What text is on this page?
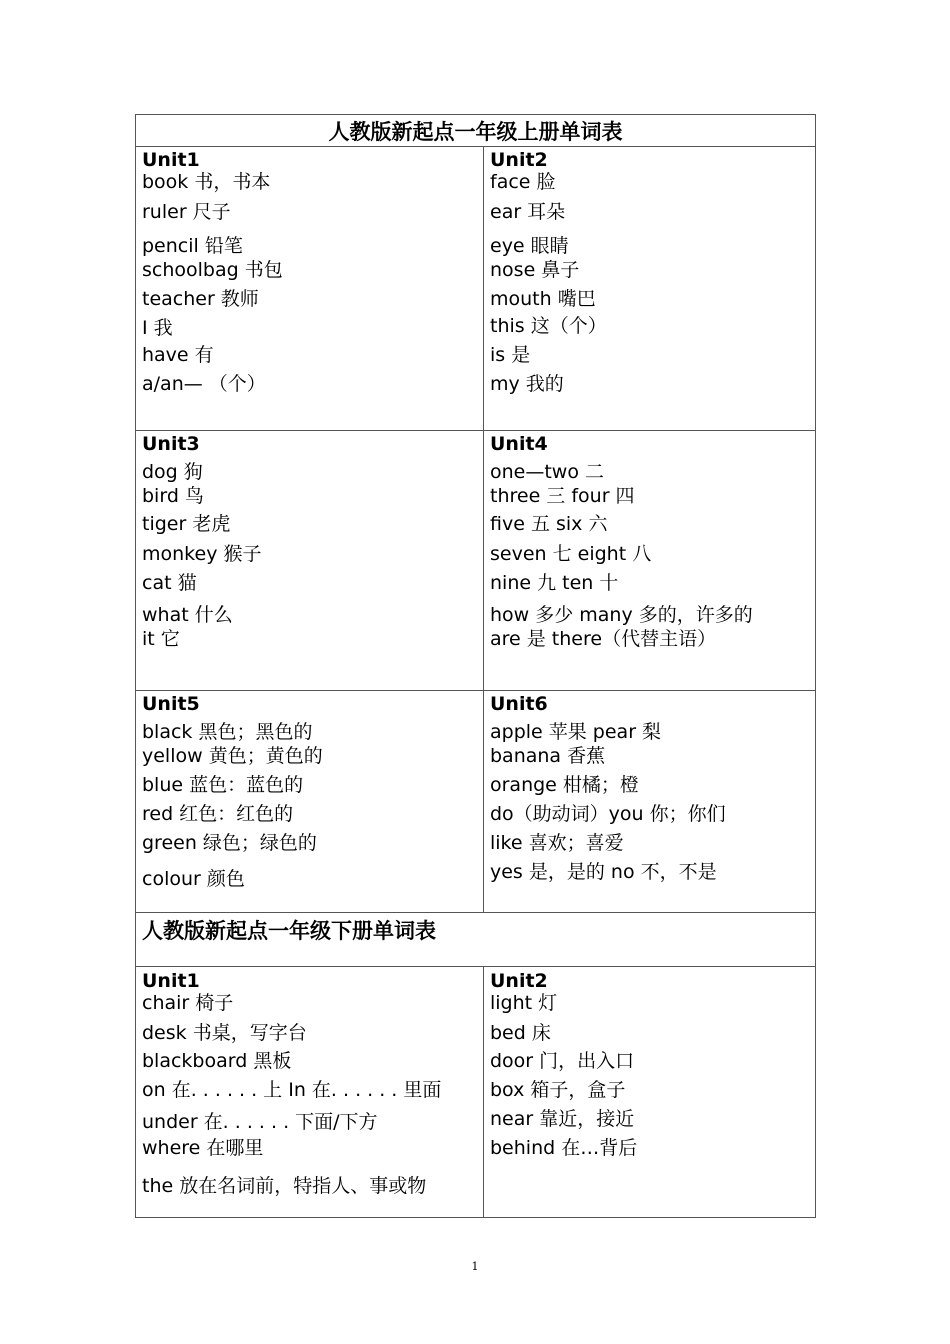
人教版新起点一年级上册单词表
Unit1
book 书，书本
ruler 尺子
pencil 铅笔
schoolbag 书包
teacher 教师
I 我
have 有
a/an— （个）
Unit2
face 脸
ear 耳朵
eye 眼睛
nose 鼻子
mouth 嘴巴
this 这（个）
is 是
my 我的
Unit3
dog 狗
bird 鸟
tiger 老虎
monkey 猴子
cat 猫
what 什么
it 它
Unit4
one—two 二
three 三 four 四
five 五 six 六
seven 七 eight 八
nine 九 ten 十
how 多少 many 多的，许多的
are 是 there（代替主语）
Unit5
black 黑色；黑色的
yellow 黄色；黄色的
blue 蓝色：蓝色的
red 红色：红色的
green 绿色；绿色的
colour 颜色
Unit6
apple 苹果 pear 梨
banana 香蕉
orange 柑橘；橙
do（助动词）you 你；你们
like 喜欢；喜爱
yes 是，是的 no 不，不是
人教版新起点一年级下册单词表
Unit1
chair 椅子
desk 书桌，写字台
blackboard 黑板
on 在. . . . . . 上 In 在. . . . . . 里面
under 在. . . . . . 下面/下方
where 在哪里
the 放在名词前，特指人、事或物
Unit2
light 灯
bed 床
door 门，出入口
box 箱子，盒子
near 靠近，接近
behind 在…背后
1
